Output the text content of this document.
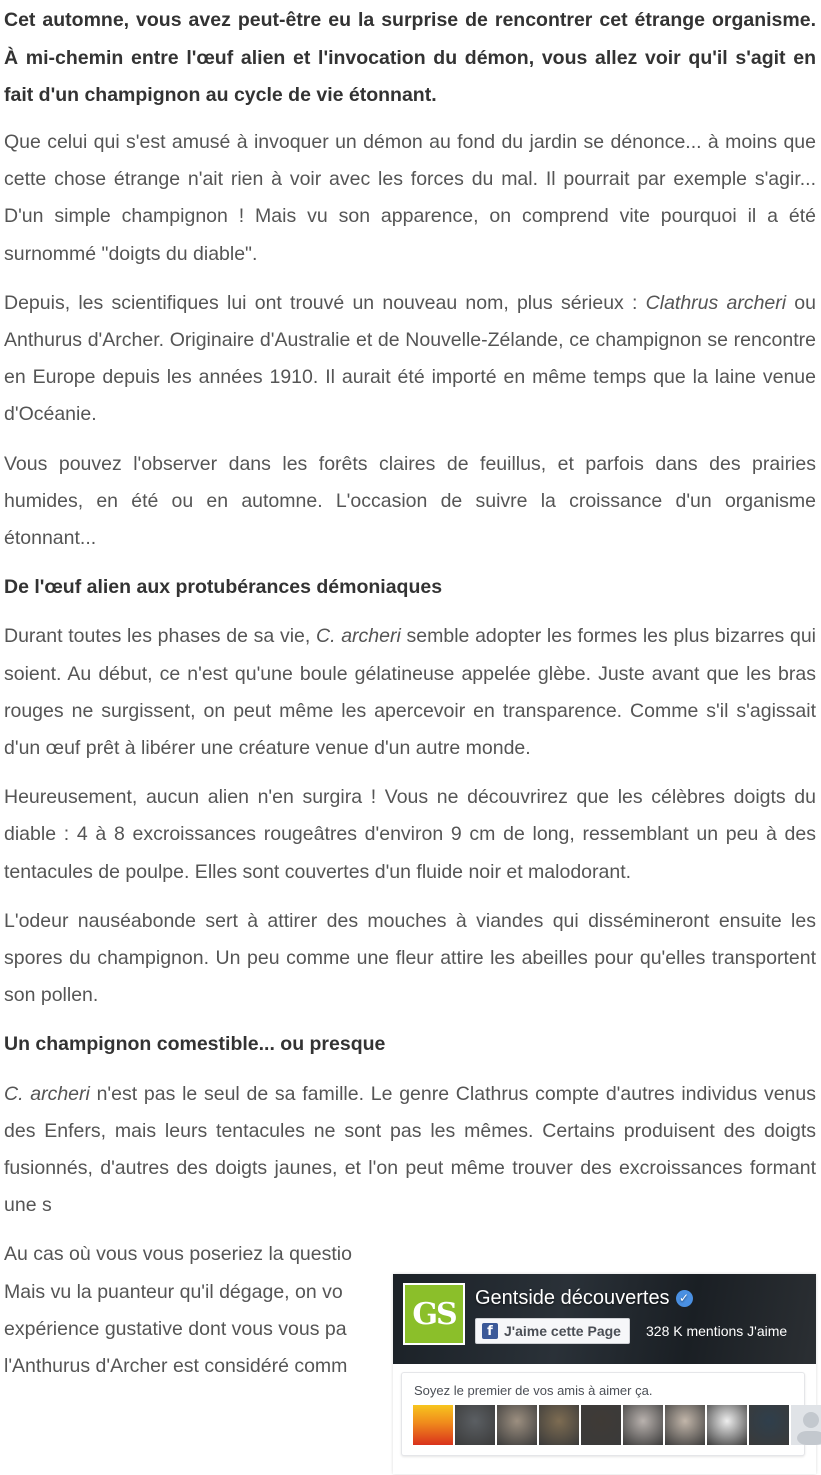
Cet automne, vous avez peut-être eu la surprise de rencontrer cet étrange organisme. À mi-chemin entre l'œuf alien et l'invocation du démon, vous allez voir qu'il s'agit en fait d'un champignon au cycle de vie étonnant.

Que celui qui s'est amusé à invoquer un démon au fond du jardin se dénonce... à moins que cette chose étrange n'ait rien à voir avec les forces du mal. Il pourrait par exemple s'agir... D'un simple champignon ! Mais vu son apparence, on comprend vite pourquoi il a été surnommé "doigts du diable".

Depuis, les scientifiques lui ont trouvé un nouveau nom, plus sérieux : Clathrus archeri ou Anthurus d'Archer. Originaire d'Australie et de Nouvelle-Zélande, ce champignon se rencontre en Europe depuis les années 1910. Il aurait été importé en même temps que la laine venue d'Océanie.

Vous pouvez l'observer dans les forêts claires de feuillus, et parfois dans des prairies humides, en été ou en automne. L'occasion de suivre la croissance d'un organisme étonnant...

De l'œuf alien aux protubérances démoniaques

Durant toutes les phases de sa vie, C. archeri semble adopter les formes les plus bizarres qui soient. Au début, ce n'est qu'une boule gélatineuse appelée glèbe. Juste avant que les bras rouges ne surgissent, on peut même les apercevoir en transparence. Comme s'il s'agissait d'un œuf prêt à libérer une créature venue d'un autre monde.

Heureusement, aucun alien n'en surgira ! Vous ne découvrirez que les célèbres doigts du diable : 4 à 8 excroissances rougeâtres d'environ 9 cm de long, ressemblant un peu à des tentacules de poulpe. Elles sont couvertes d'un fluide noir et malodorant.

L'odeur nauséabonde sert à attirer des mouches à viandes qui dissémineront ensuite les spores du champignon. Un peu comme une fleur attire les abeilles pour qu'elles transportent son pollen.

Un champignon comestible... ou presque

C. archeri n'est pas le seul de sa famille. Le genre Clathrus compte d'autres individus venus des Enfers, mais leurs tentacules ne sont pas les mêmes. Certains produisent des doigts fusionnés, d'autres des doigts jaunes, et l'on peut même trouver des excroissances formant une s

Au cas où vous vous poseriez la questio
Mais vu la puanteur qu'il dégage, on vo
expérience gustative dont vous vous pa
l'Anthurus d'Archer est considéré comm

GS Gentside découvertes ✓
f J'aime cette Page 328 K mentions J'aime
Soyez le premier de vos amis à aimer ça.
